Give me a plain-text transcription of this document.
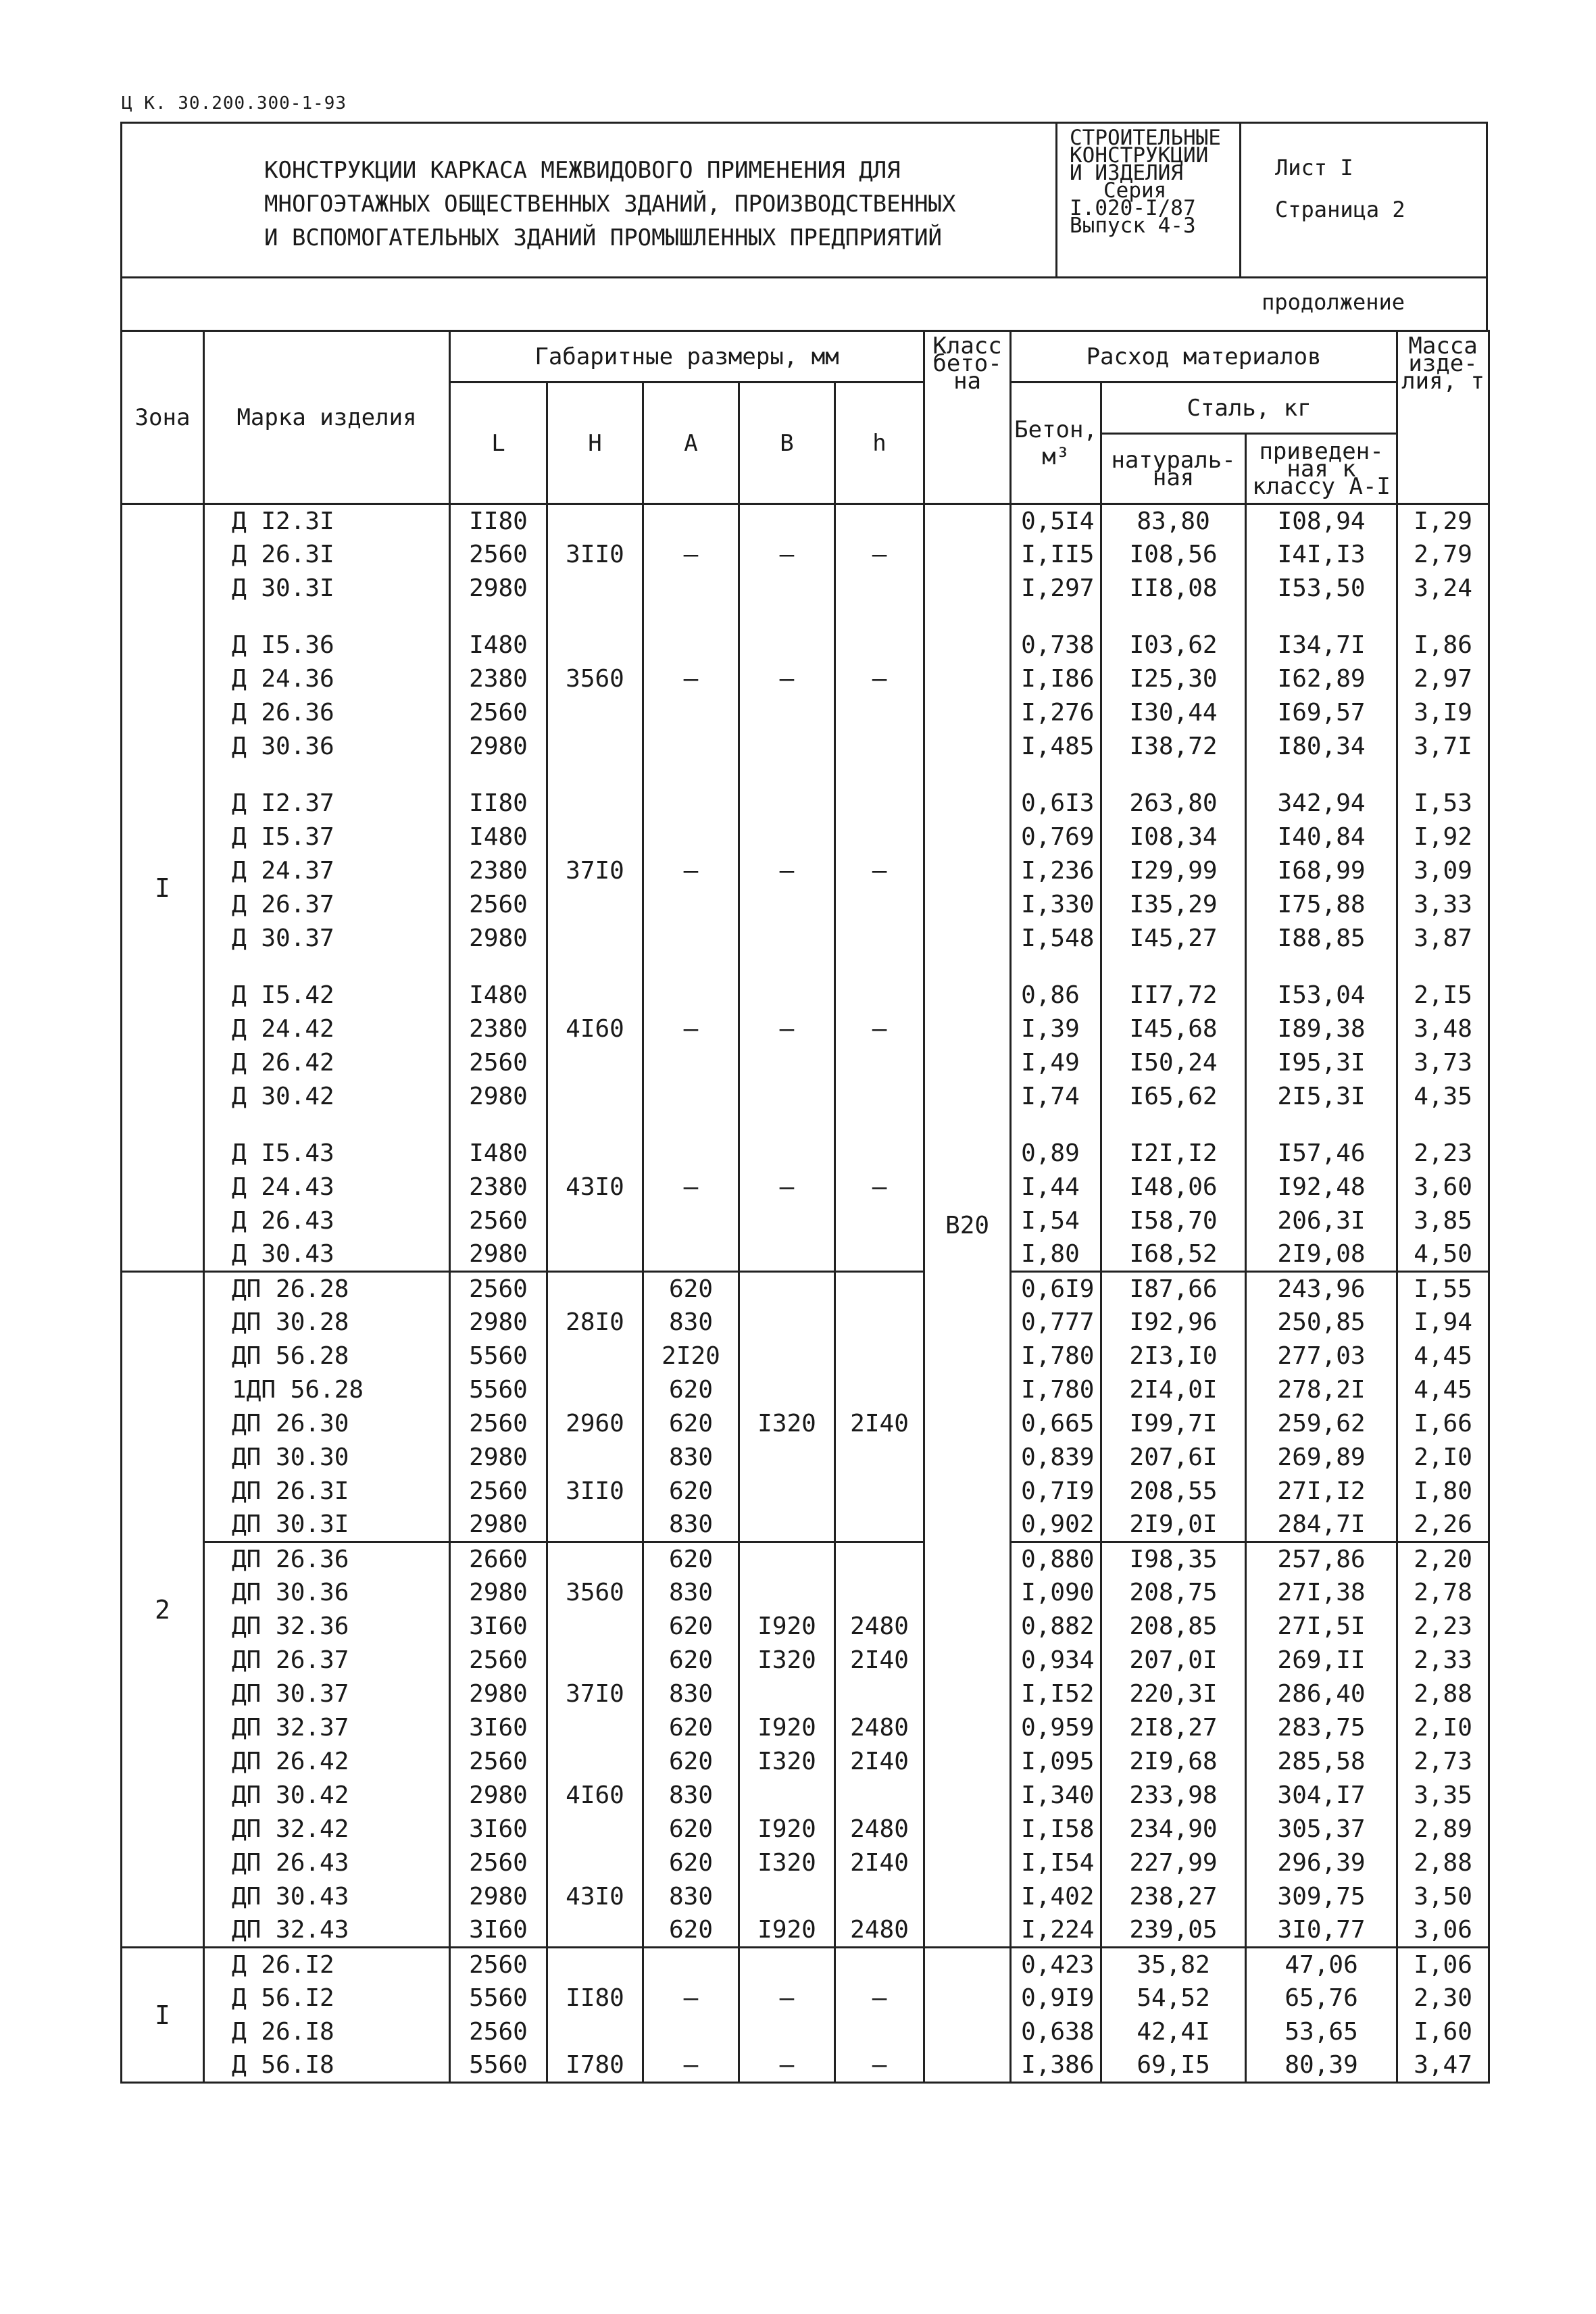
Ц К. 30.200.300-1-93
КОНСТРУКЦИИ КАРКАСА МЕЖВИДОВОГО ПРИМЕНЕНИЯ ДЛЯ
МНОГОЭТАЖНЫХ ОБЩЕСТВЕННЫХ ЗДАНИЙ, ПРОИЗВОДСТВЕННЫХ
И ВСПОМОГАТЕЛЬНЫХ ЗДАНИЙ ПРОМЫШЛЕННЫХ ПРЕДПРИЯТИЙ
СТРОИТЕЛЬНЫЕ
КОНСТРУКЦИИ
И ИЗДЕЛИЯ
Серия
I.020-I/87
Выпуск 4-3
Лист I
Страница 2
продолжение
Зона	Марка изделия	Габаритные размеры, мм					Класс бето- на	Расход материалов			Масса изде- лия, т
		L	H	A	B	h		Бетон, м³	Сталь, кг		
									натураль- ная	приведен- ная к классу А-I	
I	Д I2.3I	II80					B20	0,5I4	83,80	I08,94	I,29
	Д 26.3I	2560	3II0	—	—	—		I,II5	I08,56	I4I,I3	2,79
	Д 30.3I	2980						I,297	II8,08	I53,50	3,24

	Д I5.36	I480						0,738	I03,62	I34,7I	I,86
	Д 24.36	2380	3560	—	—	—		I,I86	I25,30	I62,89	2,97
	Д 26.36	2560						I,276	I30,44	I69,57	3,I9
	Д 30.36	2980						I,485	I38,72	I80,34	3,7I

	Д I2.37	II80						0,6I3	263,80	342,94	I,53
	Д I5.37	I480						0,769	I08,34	I40,84	I,92
	Д 24.37	2380	37I0	—	—	—		I,236	I29,99	I68,99	3,09
	Д 26.37	2560						I,330	I35,29	I75,88	3,33
	Д 30.37	2980						I,548	I45,27	I88,85	3,87

	Д I5.42	I480						0,86	II7,72	I53,04	2,I5
	Д 24.42	2380	4I60	—	—	—		I,39	I45,68	I89,38	3,48
	Д 26.42	2560						I,49	I50,24	I95,3I	3,73
	Д 30.42	2980						I,74	I65,62	2I5,3I	4,35

	Д I5.43	I480						0,89	I2I,I2	I57,46	2,23
	Д 24.43	2380	43I0	—	—	—		I,44	I48,06	I92,48	3,60
	Д 26.43	2560						I,54	I58,70	206,3I	3,85
	Д 30.43	2980						I,80	I68,52	2I9,08	4,50
2	ДП 26.28	2560		620				0,6I9	I87,66	243,96	I,55
	ДП 30.28	2980	28I0	830				0,777	I92,96	250,85	I,94
	ДП 56.28	5560		2I20				I,780	2I3,I0	277,03	4,45
	1ДП 56.28	5560		620				I,780	2I4,0I	278,2I	4,45
	ДП 26.30	2560	2960	620	I320	2I40		0,665	I99,7I	259,62	I,66
	ДП 30.30	2980		830				0,839	207,6I	269,89	2,I0
	ДП 26.3I	2560	3II0	620				0,7I9	208,55	27I,I2	I,80
	ДП 30.3I	2980		830				0,902	2I9,0I	284,7I	2,26
	ДП 26.36	2660		620				0,880	I98,35	257,86	2,20
	ДП 30.36	2980	3560	830				I,090	208,75	27I,38	2,78
	ДП 32.36	3I60		620	I920	2480		0,882	208,85	27I,5I	2,23
	ДП 26.37	2560		620	I320	2I40		0,934	207,0I	269,II	2,33
	ДП 30.37	2980	37I0	830				I,I52	220,3I	286,40	2,88
	ДП 32.37	3I60		620	I920	2480		0,959	2I8,27	283,75	2,I0
	ДП 26.42	2560		620	I320	2I40		I,095	2I9,68	285,58	2,73
	ДП 30.42	2980	4I60	830				I,340	233,98	304,I7	3,35
	ДП 32.42	3I60		620	I920	2480		I,I58	234,90	305,37	2,89
	ДП 26.43	2560		620	I320	2I40		I,I54	227,99	296,39	2,88
	ДП 30.43	2980	43I0	830				I,402	238,27	309,75	3,50
	ДП 32.43	3I60		620	I920	2480		I,224	239,05	3I0,77	3,06
I	Д 26.I2	2560						0,423	35,82	47,06	I,06
	Д 56.I2	5560	II80	—	—	—		0,9I9	54,52	65,76	2,30
	Д 26.I8	2560						0,638	42,4I	53,65	I,60
	Д 56.I8	5560	I780	—	—	—		I,386	69,I5	80,39	3,47
